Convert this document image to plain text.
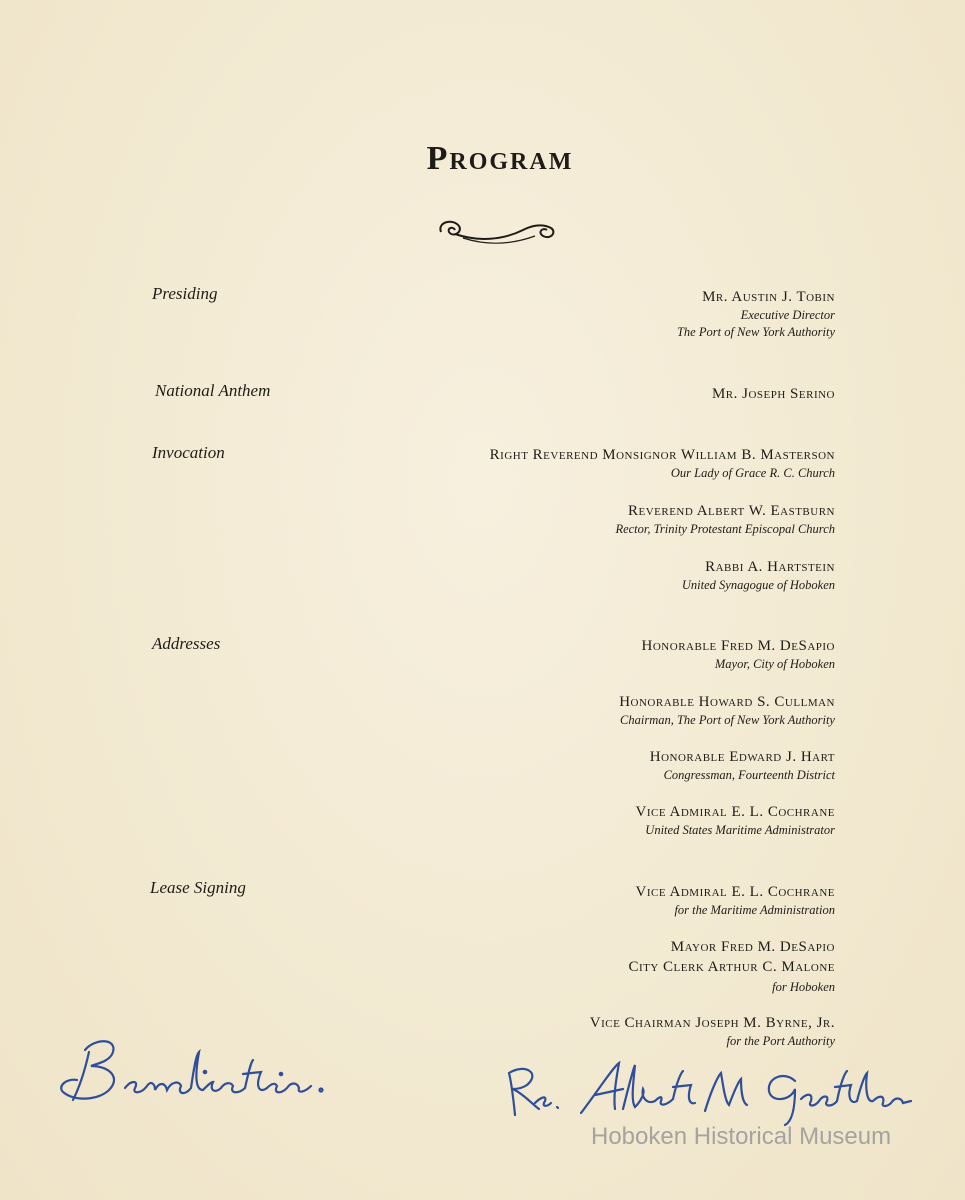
Program
Presiding
National Anthem
Invocation
Addresses
Lease Signing
Mr. Austin J. Tobin
Executive Director
The Port of New York Authority
Mr. Joseph Serino
Right Reverend Monsignor William B. Masterson
Our Lady of Grace R. C. Church
Reverend Albert W. Eastburn
Rector, Trinity Protestant Episcopal Church
Rabbi A. Hartstein
United Synagogue of Hoboken
Honorable Fred M. DeSapio
Mayor, City of Hoboken
Honorable Howard S. Cullman
Chairman, The Port of New York Authority
Honorable Edward J. Hart
Congressman, Fourteenth District
Vice Admiral E. L. Cochrane
United States Maritime Administrator
Vice Admiral E. L. Cochrane
for the Maritime Administration
Mayor Fred M. DeSapio
City Clerk Arthur C. Malone
for Hoboken
Vice Chairman Joseph M. Byrne, Jr.
for the Port Authority
Hoboken Historical Museum
